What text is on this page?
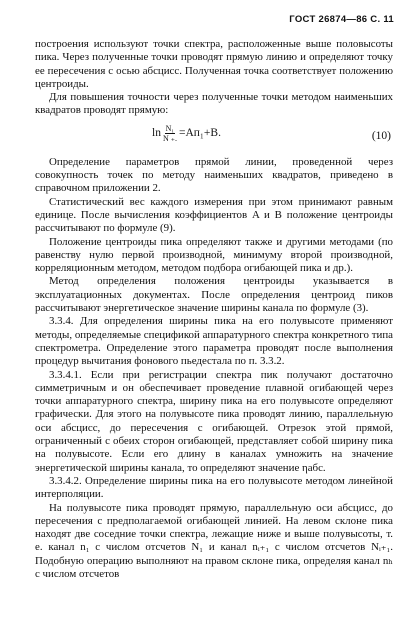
ГОСТ 26874—86 С. 11

построения используют точки спектра, расположенные выше половысоты пика. Через полученные точки проводят прямую линию и определяют точку ее пересечения с осью абсцисс. Полученная точка соответствует положению центроиды.

Для повышения точности через полученные точки методом наименьших квадратов проводят прямую:

$\ln \frac{\text{N₁}}{N _+.} =Aп_1+B$.	(10)

Определение параметров прямой линии, проведенной через совокупность точек по методу наименьших квадратов, приведено в справочном приложении 2.

Статистический вес каждого измерения при этом принимают равным единице. После вычисления коэффициентов A и B положение центроиды рассчитывают по формуле (9).

Положение центроиды пика определяют также и другими методами (по равенству нулю первой производной, минимуму второй производной, корреляционным методом, методом подбора огибающей пика и др.).

Метод определения положения центроиды указывается в эксплуатационных документах. После определения центроид пиков рассчитывают энергетическое значение ширины канала по формуле (3).

3.3.4. Для определения ширины пика на его полувысоте применяют методы, определяемые спецификой аппаратурного спектра конкретного типа спектрометра. Определение этого параметра проводят после выполнения процедур вычитания фонового пьедестала по п. 3.3.2.

3.3.4.1. Если при регистрации спектра пик получают достаточно симметричным и он обеспечивает проведение плавной огибающей через точки аппаратурного спектра, ширину пика на его полувысоте определяют графически. Для этого на полувысоте пика проводят линию, параллельную оси абсцисс, до пересечения с огибающей. Отрезок этой прямой, ограниченный с обеих сторон огибающей, представляет собой ширину пика на полувысоте. Если его длину в каналах умножить на значение энергетической ширины канала, то определяют значение ηабс.

3.3.4.2. Определение ширины пика на его полувысоте методом линейной интерполяции.

На полувысоте пика проводят прямую, параллельную оси абсцисс, до пересечения с предполагаемой огибающей линией. На левом склоне пика находят две соседние точки спектра, лежащие ниже и выше полувысоты, т. е. канал n₁ с числом отсчетов N₁ и канал nᵢ₊₁ с числом отсчетов Nᵢ₊₁. Подобную операцию выполняют на правом склоне пика, определяя канал nₕ с числом отсчетов
